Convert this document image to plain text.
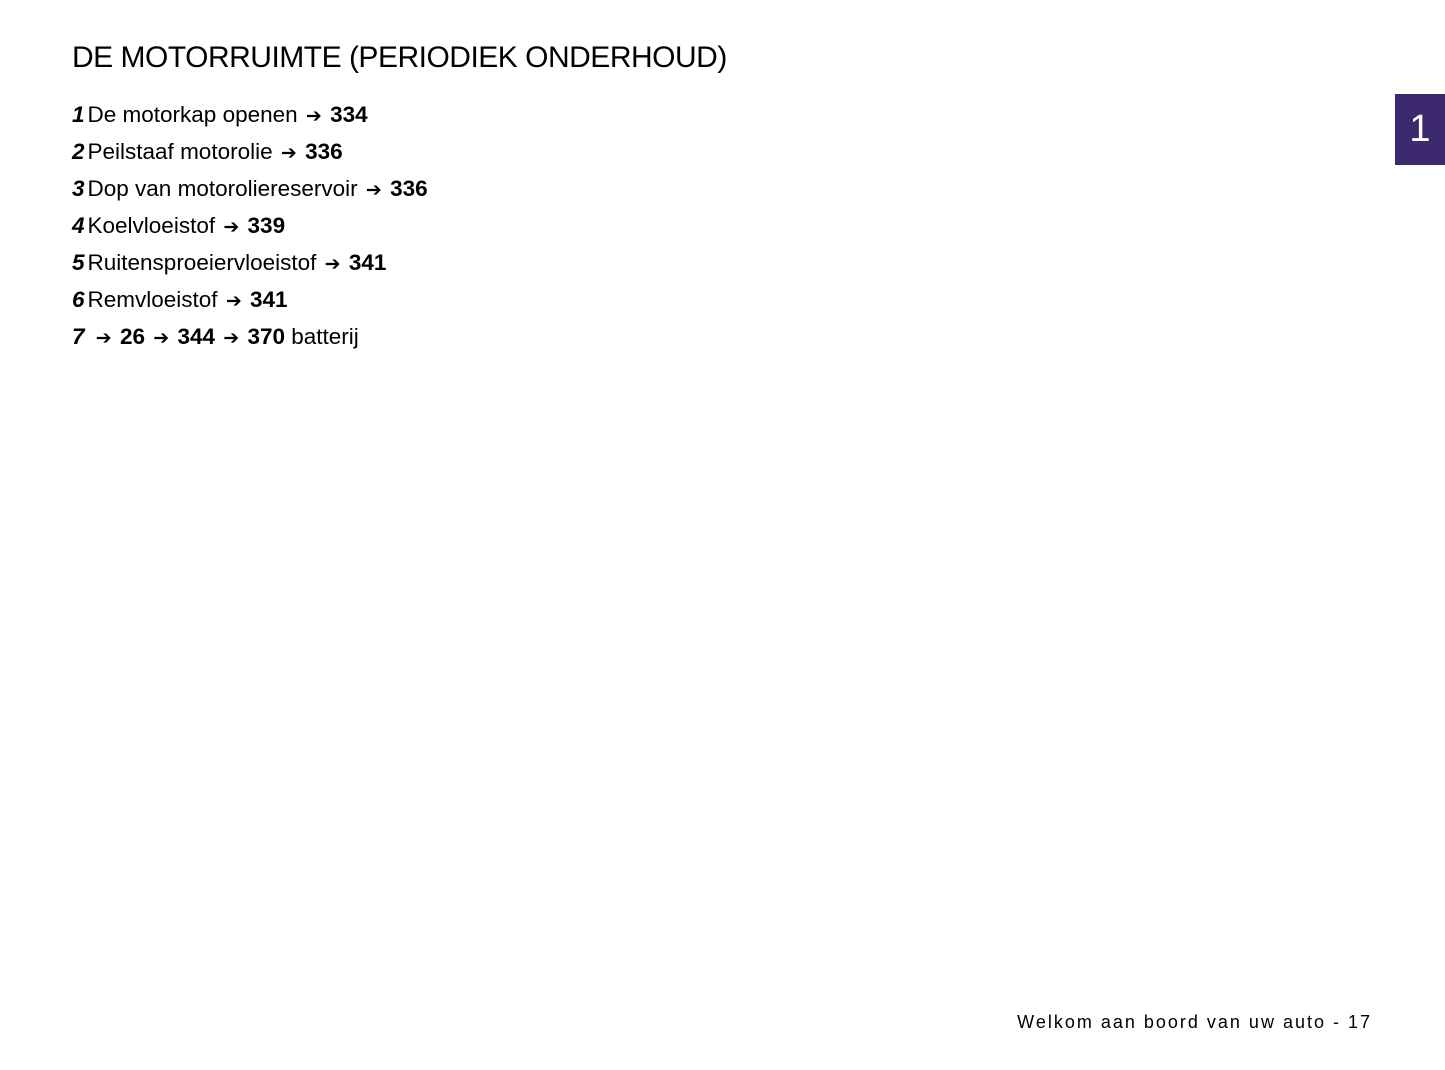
DE MOTORRUIMTE (PERIODIEK ONDERHOUD)
1
1 De motorkap openen ➔ 334
2 Peilstaaf motorolie ➔ 336
3 Dop van motoroliereservoir ➔ 336
4 Koelvloeistof ➔ 339
5 Ruitensproeiervloeistof ➔ 341
6 Remvloeistof ➔ 341
7 ➔ 26 ➔ 344 ➔ 370 batterij
Welkom aan boord van uw auto - 17
